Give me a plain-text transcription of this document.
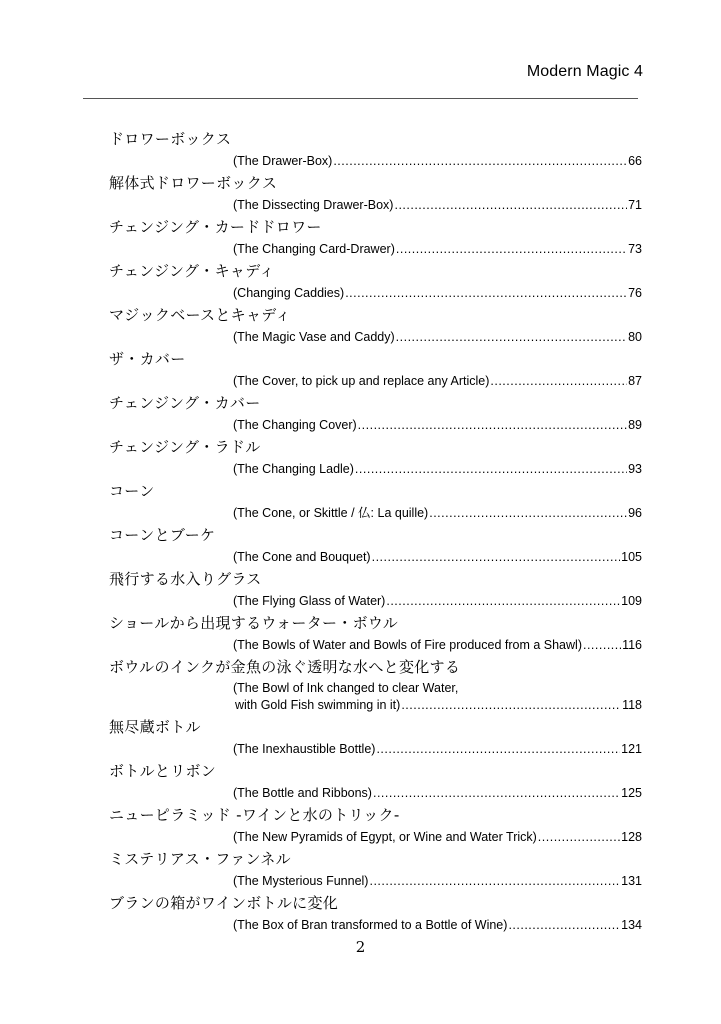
Modern Magic 4
ドロワーボックス
(The Drawer-Box) .....	66
解体式ドロワーボックス
(The Dissecting Drawer-Box) .....	71
チェンジング・カードドロワー
(The Changing Card-Drawer) .....	73
チェンジング・キャディ
(Changing Caddies) .....	76
マジックベースとキャディ
(The Magic Vase and Caddy) .....	80
ザ・カバー
(The Cover, to pick up and replace any Article) .....	87
チェンジング・カバー
(The Changing Cover) .....	89
チェンジング・ラドル
(The Changing Ladle) .....	93
コーン
(The Cone, or Skittle / 仏: La quille) .....	96
コーンとブーケ
(The Cone and Bouquet) .....	105
飛行する水入りグラス
(The Flying Glass of Water) .....	109
ショールから出現するウォーター・ボウル
(The Bowls of Water and Bowls of Fire produced from a Shawl) .....	116
ボウルのインクが金魚の泳ぐ透明な水へと変化する
(The Bowl of Ink changed to clear Water,
with Gold Fish swimming in it) .....	118
無尽蔵ボトル
(The Inexhaustible Bottle) .....	121
ボトルとリボン
(The Bottle and Ribbons) .....	125
ニューピラミッド -ワインと水のトリック-
(The New Pyramids of Egypt, or Wine and Water Trick) .....	128
ミステリアス・ファンネル
(The Mysterious Funnel) .....	131
ブランの箱がワインボトルに変化
(The Box of Bran transformed to a Bottle of Wine) .....	134
2
